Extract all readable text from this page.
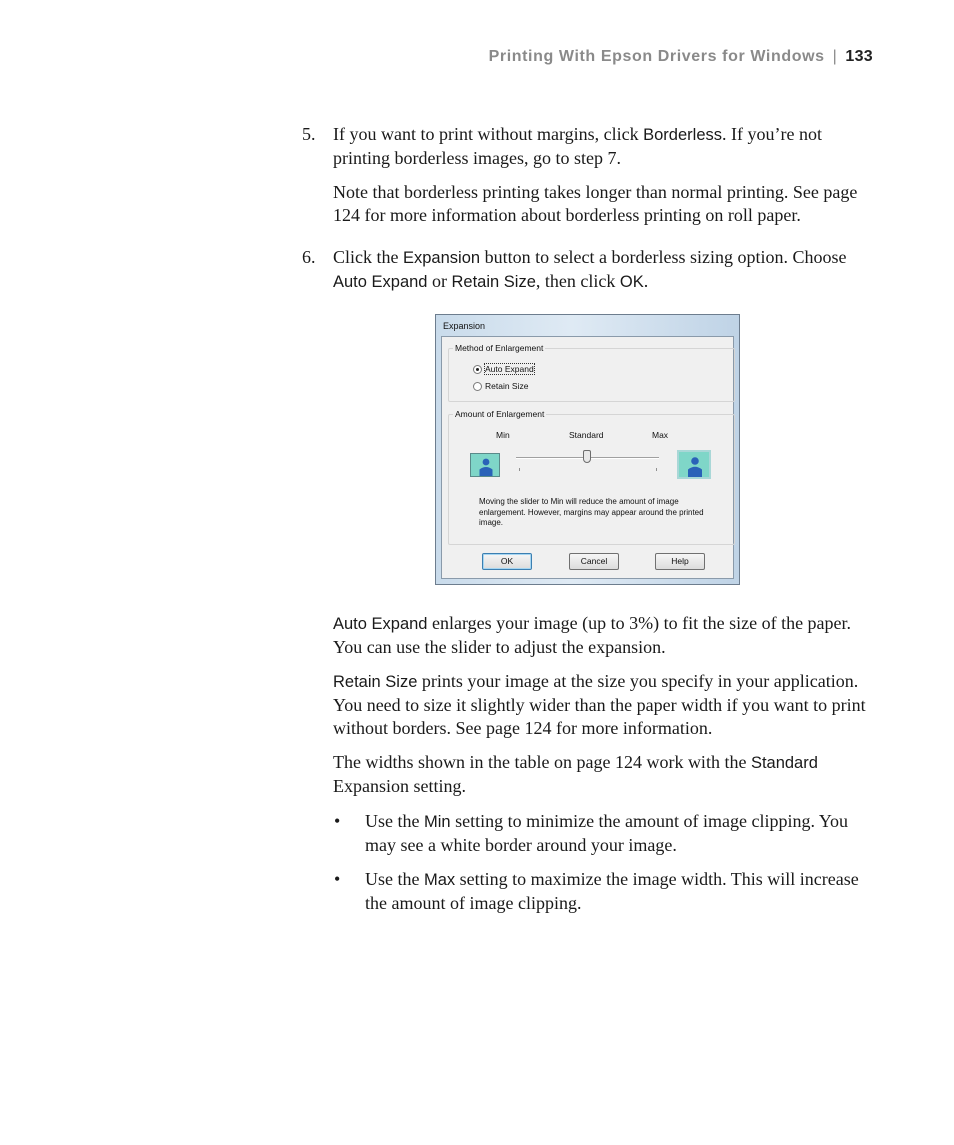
Printing With Epson Drivers for Windows | 133
5. If you want to print without margins, click Borderless. If you’re not printing borderless images, go to step 7.
Note that borderless printing takes longer than normal printing. See page 124 for more information about borderless printing on roll paper.
6. Click the Expansion button to select a borderless sizing option. Choose Auto Expand or Retain Size, then click OK.
Expansion
Method of Enlargement
Auto Expand
Retain Size
Amount of Enlargement
Min	Standard	Max
Moving the slider to Min will reduce the amount of image enlargement. However, margins may appear around the printed image.
OK	Cancel	Help
Auto Expand enlarges your image (up to 3%) to fit the size of the paper. You can use the slider to adjust the expansion.
Retain Size prints your image at the size you specify in your application. You need to size it slightly wider than the paper width if you want to print without borders. See page 124 for more information.
The widths shown in the table on page 124 work with the Standard Expansion setting.
• Use the Min setting to minimize the amount of image clipping. You may see a white border around your image.
• Use the Max setting to maximize the image width. This will increase the amount of image clipping.
